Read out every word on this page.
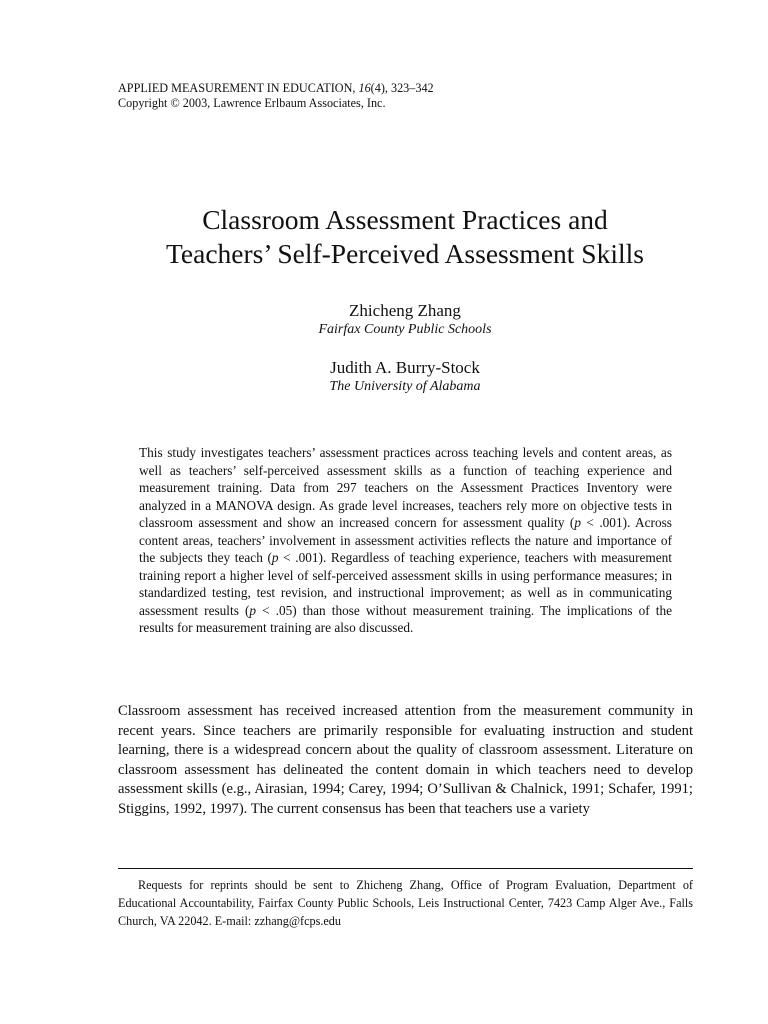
APPLIED MEASUREMENT IN EDUCATION, 16(4), 323–342
Copyright © 2003, Lawrence Erlbaum Associates, Inc.
Classroom Assessment Practices and
Teachers’ Self-Perceived Assessment Skills
Zhicheng Zhang
Fairfax County Public Schools
Judith A. Burry-Stock
The University of Alabama
This study investigates teachers’ assessment practices across teaching levels and content areas, as well as teachers’ self-perceived assessment skills as a function of teaching experience and measurement training. Data from 297 teachers on the Assessment Practices Inventory were analyzed in a MANOVA design. As grade level increases, teachers rely more on objective tests in classroom assessment and show an increased concern for assessment quality (p < .001). Across content areas, teachers’ involvement in assessment activities reflects the nature and importance of the subjects they teach (p < .001). Regardless of teaching experience, teachers with measurement training report a higher level of self-perceived assessment skills in using performance measures; in standardized testing, test revision, and instructional improvement; as well as in communicating assessment results (p < .05) than those without measurement training. The implications of the results for measurement training are also discussed.
Classroom assessment has received increased attention from the measurement community in recent years. Since teachers are primarily responsible for evaluating instruction and student learning, there is a widespread concern about the quality of classroom assessment. Literature on classroom assessment has delineated the content domain in which teachers need to develop assessment skills (e.g., Airasian, 1994; Carey, 1994; O’Sullivan & Chalnick, 1991; Schafer, 1991; Stiggins, 1992, 1997). The current consensus has been that teachers use a variety
Requests for reprints should be sent to Zhicheng Zhang, Office of Program Evaluation, Department of Educational Accountability, Fairfax County Public Schools, Leis Instructional Center, 7423 Camp Alger Ave., Falls Church, VA 22042. E-mail: zzhang@fcps.edu
